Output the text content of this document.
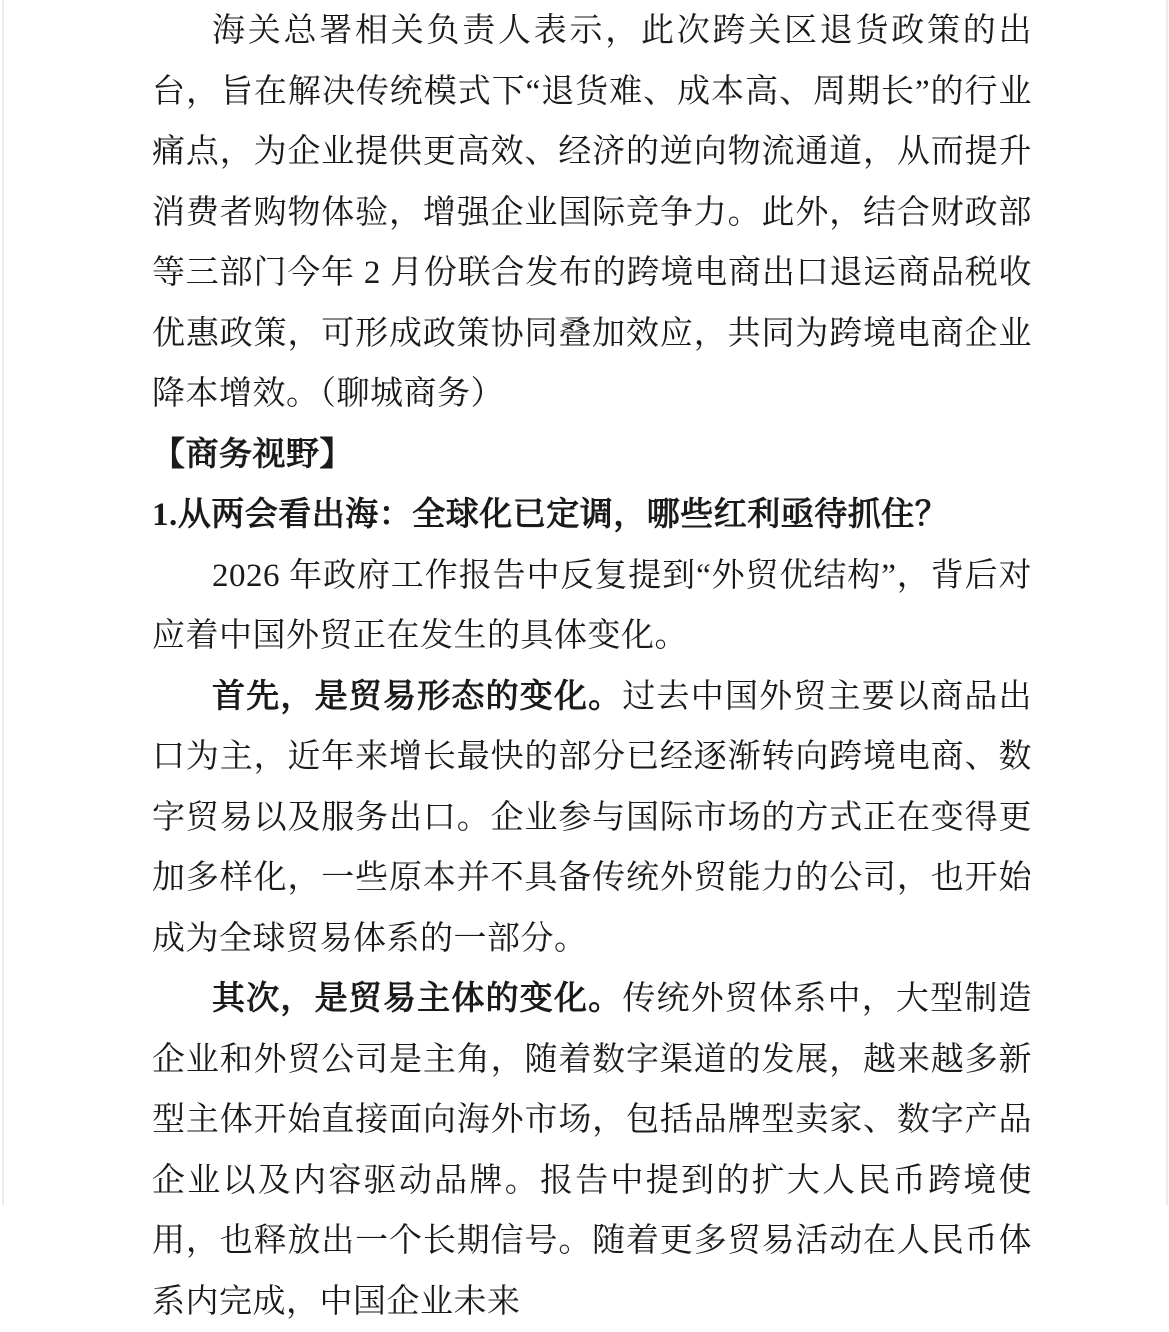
海关总署相关负责人表示，此次跨关区退货政策的出台，旨在解决传统模式下“退货难、成本高、周期长”的行业痛点，为企业提供更高效、经济的逆向物流通道，从而提升消费者购物体验，增强企业国际竞争力。此外，结合财政部等三部门今年 2 月份联合发布的跨境电商出口退运商品税收优惠政策，可形成政策协同叠加效应，共同为跨境电商企业降本增效。（聊城商务）

【商务视野】

1.从两会看出海：全球化已定调，哪些红利亟待抓住？

2026 年政府工作报告中反复提到“外贸优结构”，背后对应着中国外贸正在发生的具体变化。

首先，是贸易形态的变化。过去中国外贸主要以商品出口为主，近年来增长最快的部分已经逐渐转向跨境电商、数字贸易以及服务出口。企业参与国际市场的方式正在变得更加多样化，一些原本并不具备传统外贸能力的公司，也开始成为全球贸易体系的一部分。

其次，是贸易主体的变化。传统外贸体系中，大型制造企业和外贸公司是主角，随着数字渠道的发展，越来越多新型主体开始直接面向海外市场，包括品牌型卖家、数字产品企业以及内容驱动品牌。报告中提到的扩大人民币跨境使用，也释放出一个长期信号。随着更多贸易活动在人民币体系内完成，中国企业未来
